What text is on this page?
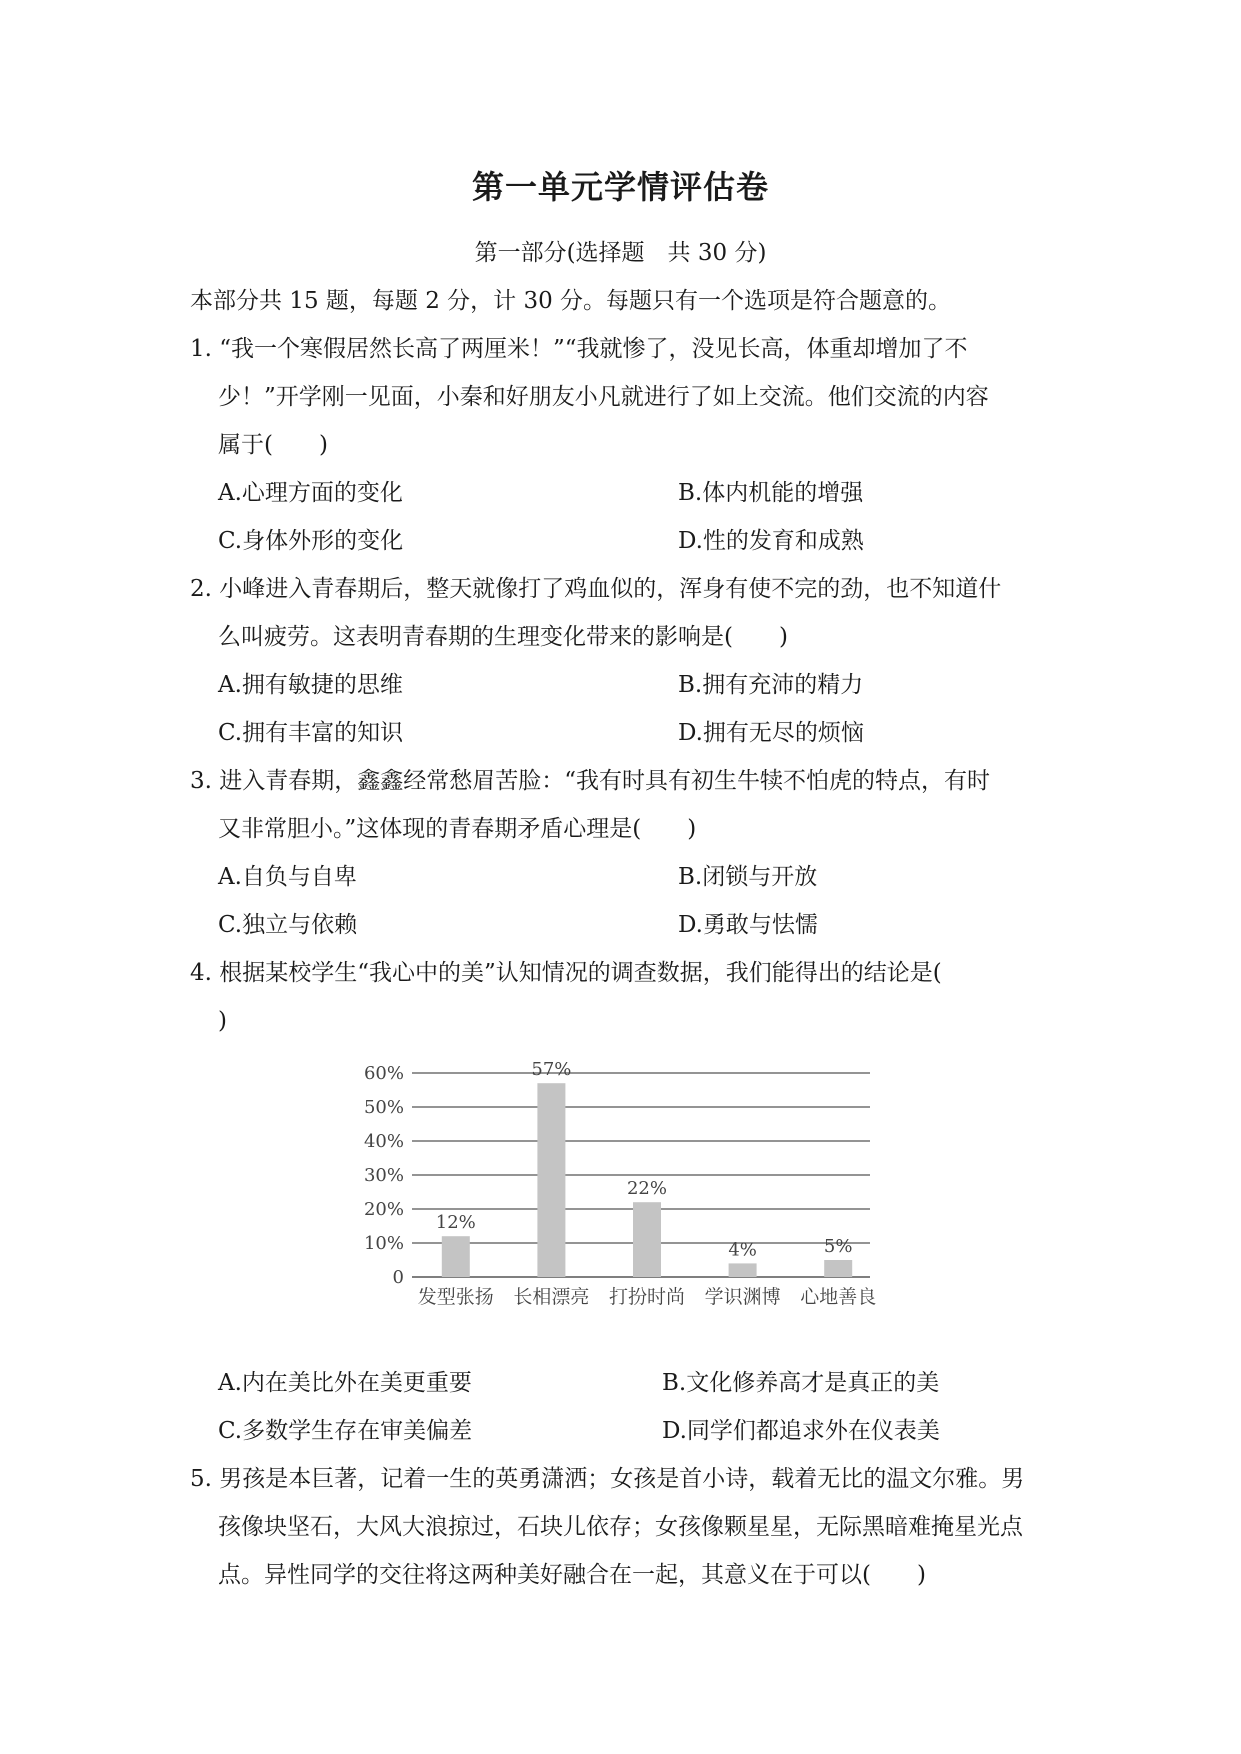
第一单元学情评估卷
第一部分(选择题　共 30 分)
本部分共 15 题，每题 2 分，计 30 分。每题只有一个选项是符合题意的。
1. “我一个寒假居然长高了两厘米！”“我就惨了，没见长高，体重却增加了不
少！”开学刚一见面，小秦和好朋友小凡就进行了如上交流。他们交流的内容
属于(　　)
A.心理方面的变化	B.体内机能的增强
C.身体外形的变化	D.性的发育和成熟
2. 小峰进入青春期后，整天就像打了鸡血似的，浑身有使不完的劲，也不知道什
么叫疲劳。这表明青春期的生理变化带来的影响是(　　)
A.拥有敏捷的思维	B.拥有充沛的精力
C.拥有丰富的知识	D.拥有无尽的烦恼
3. 进入青春期，鑫鑫经常愁眉苦脸：“我有时具有初生牛犊不怕虎的特点，有时
又非常胆小。”这体现的青春期矛盾心理是(　　)
A.自负与自卑	B.闭锁与开放
C.独立与依赖	D.勇敢与怯懦
4. 根据某校学生“我心中的美”认知情况的调查数据，我们能得出的结论是(
)
0
10%
20%
30%
40%
50%
60%
12%
发型张扬
57%
长相漂亮
22%
打扮时尚
4%
学识渊博
5%
心地善良
A.内在美比外在美更重要	B.文化修养高才是真正的美
C.多数学生存在审美偏差	D.同学们都追求外在仪表美
5. 男孩是本巨著，记着一生的英勇潇洒；女孩是首小诗，载着无比的温文尔雅。男
孩像块坚石，大风大浪掠过，石块儿依存；女孩像颗星星，无际黑暗难掩星光点
点。异性同学的交往将这两种美好融合在一起，其意义在于可以(　　)
